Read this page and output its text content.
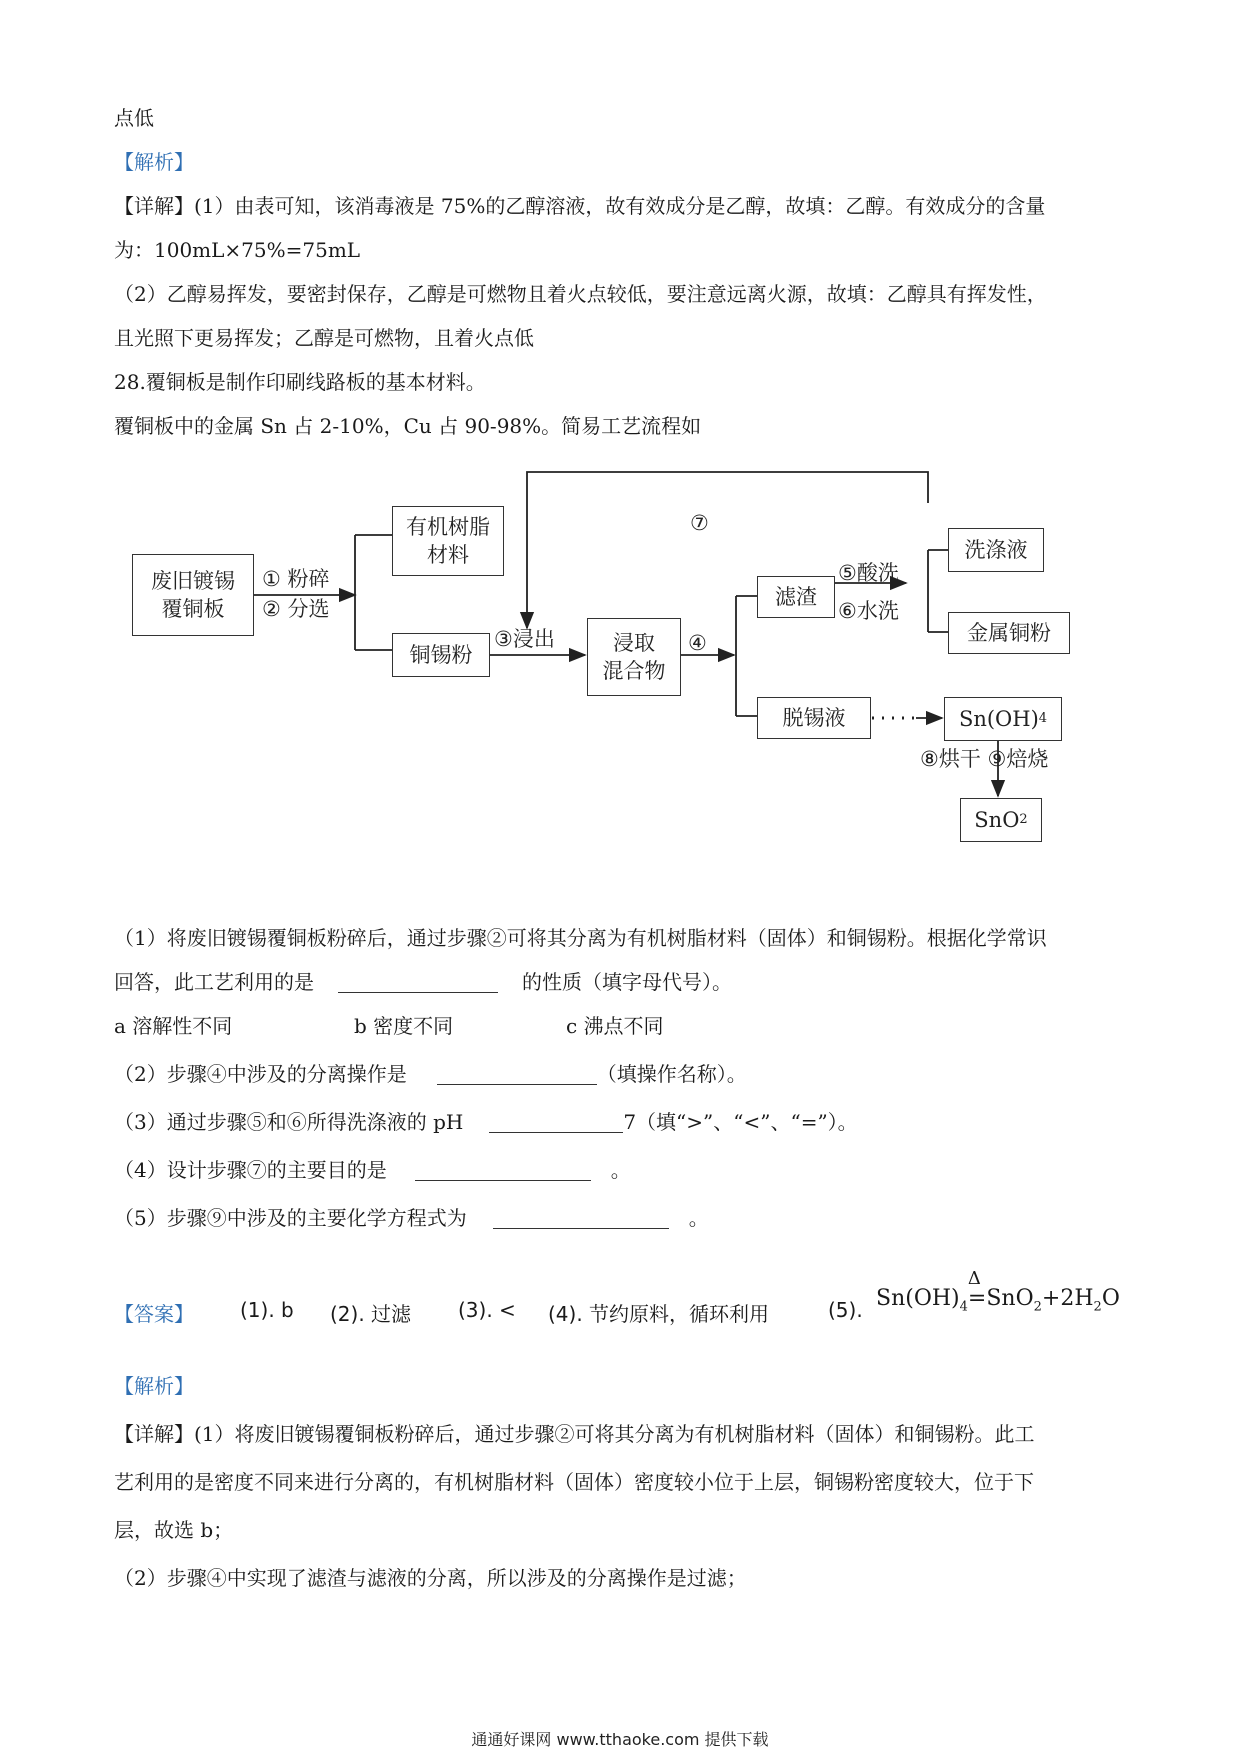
点低
【解析】
【详解】(1）由表可知，该消毒液是 75%的乙醇溶液，故有效成分是乙醇，故填：乙醇。有效成分的含量
为：100mL×75%=75mL
（2）乙醇易挥发，要密封保存，乙醇是可燃物且着火点较低，要注意远离火源，故填：乙醇具有挥发性，
且光照下更易挥发；乙醇是可燃物，且着火点低
28.覆铜板是制作印刷线路板的基本材料。
覆铜板中的金属 Sn 占 2-10%，Cu 占 90-98%。简易工艺流程如
废旧镀锡
覆铜板
① 粉碎
② 分选
有机树脂
材料
铜锡粉
③浸出	浸取
混合物
④
⑦
滤渣
⑤酸洗
⑥水洗
洗涤液
金属铜粉
脱锡液	Sn(OH) 4
⑧烘干 ⑨焙烧
SnO 2
（1）将废旧镀锡覆铜板粉碎后，通过步骤②可将其分离为有机树脂材料（固体）和铜锡粉。根据化学常识
回答，此工艺利用的是	的性质（填字母代号）。
a 溶解性不同	b 密度不同	c 沸点不同
（2）步骤④中涉及的分离操作是	（填操作名称）。
（3）通过步骤⑤和⑥所得洗涤液的 pH	7（填“>”、“<”、“=”）。
（4）设计步骤⑦的主要目的是	。
（5）步骤⑨中涉及的主要化学方程式为	。
【答案】 (1). b (2). 过滤 (3). < (4). 节约原料，循环利用	(5). $Sn(OH)_4$
Δ
$=SnO_2+2H_2O$
【解析】
【详解】(1）将废旧镀锡覆铜板粉碎后，通过步骤②可将其分离为有机树脂材料（固体）和铜锡粉。此工
艺利用的是密度不同来进行分离的，有机树脂材料（固体）密度较小位于上层，铜锡粉密度较大，位于下
层，故选 b；
（2）步骤④中实现了滤渣与滤液的分离，所以涉及的分离操作是过滤；
通通好课网 www.tthaoke.com 提供下载
